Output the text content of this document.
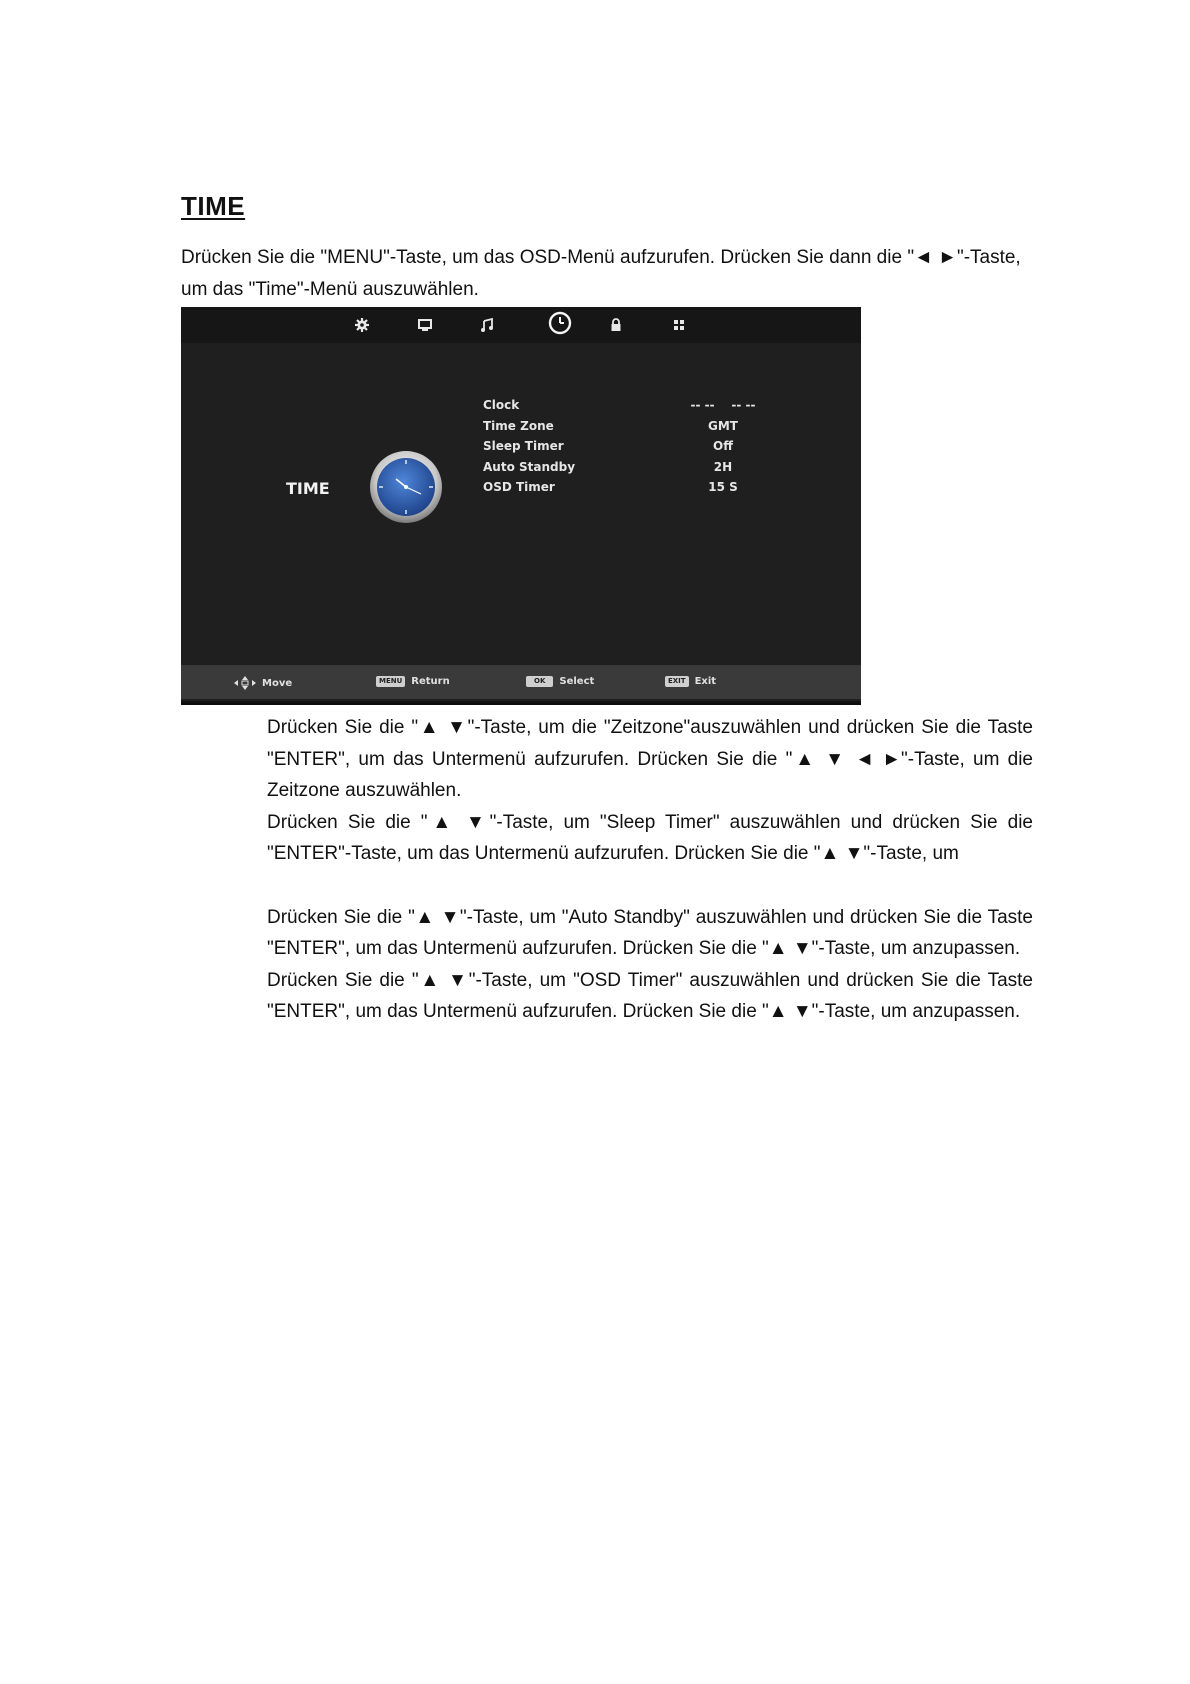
TIME

Drücken Sie die "MENU"-Taste, um das OSD-Menü aufzurufen. Drücken Sie dann die "◄ ►"-Taste,

um das "Time"-Menü auszuwählen.

TIME
Clock	-- --    -- --
Time Zone	GMT
Sleep Timer	Off
Auto Standby	2H
OSD Timer	15 S
Move	MENU Return	OK	Select	EXIT Exit

Drücken Sie die "▲ ▼"-Taste, um die "Zeitzone"auszuwählen und drücken Sie die Taste "ENTER", um das Untermenü aufzurufen. Drücken Sie die "▲ ▼ ◄ ►"-Taste, um die Zeitzone auszuwählen.

Drücken Sie die "▲ ▼"-Taste, um "Sleep Timer" auszuwählen und drücken Sie die "ENTER"-Taste, um das Untermenü aufzurufen. Drücken Sie die "▲ ▼"-Taste, um

Drücken Sie die "▲ ▼"-Taste, um "Auto Standby" auszuwählen und drücken Sie die Taste "ENTER", um das Untermenü aufzurufen. Drücken Sie die "▲ ▼"-Taste, um anzupassen.

Drücken Sie die "▲ ▼"-Taste, um "OSD Timer" auszuwählen und drücken Sie die Taste "ENTER", um das Untermenü aufzurufen. Drücken Sie die "▲ ▼"-Taste, um anzupassen.
